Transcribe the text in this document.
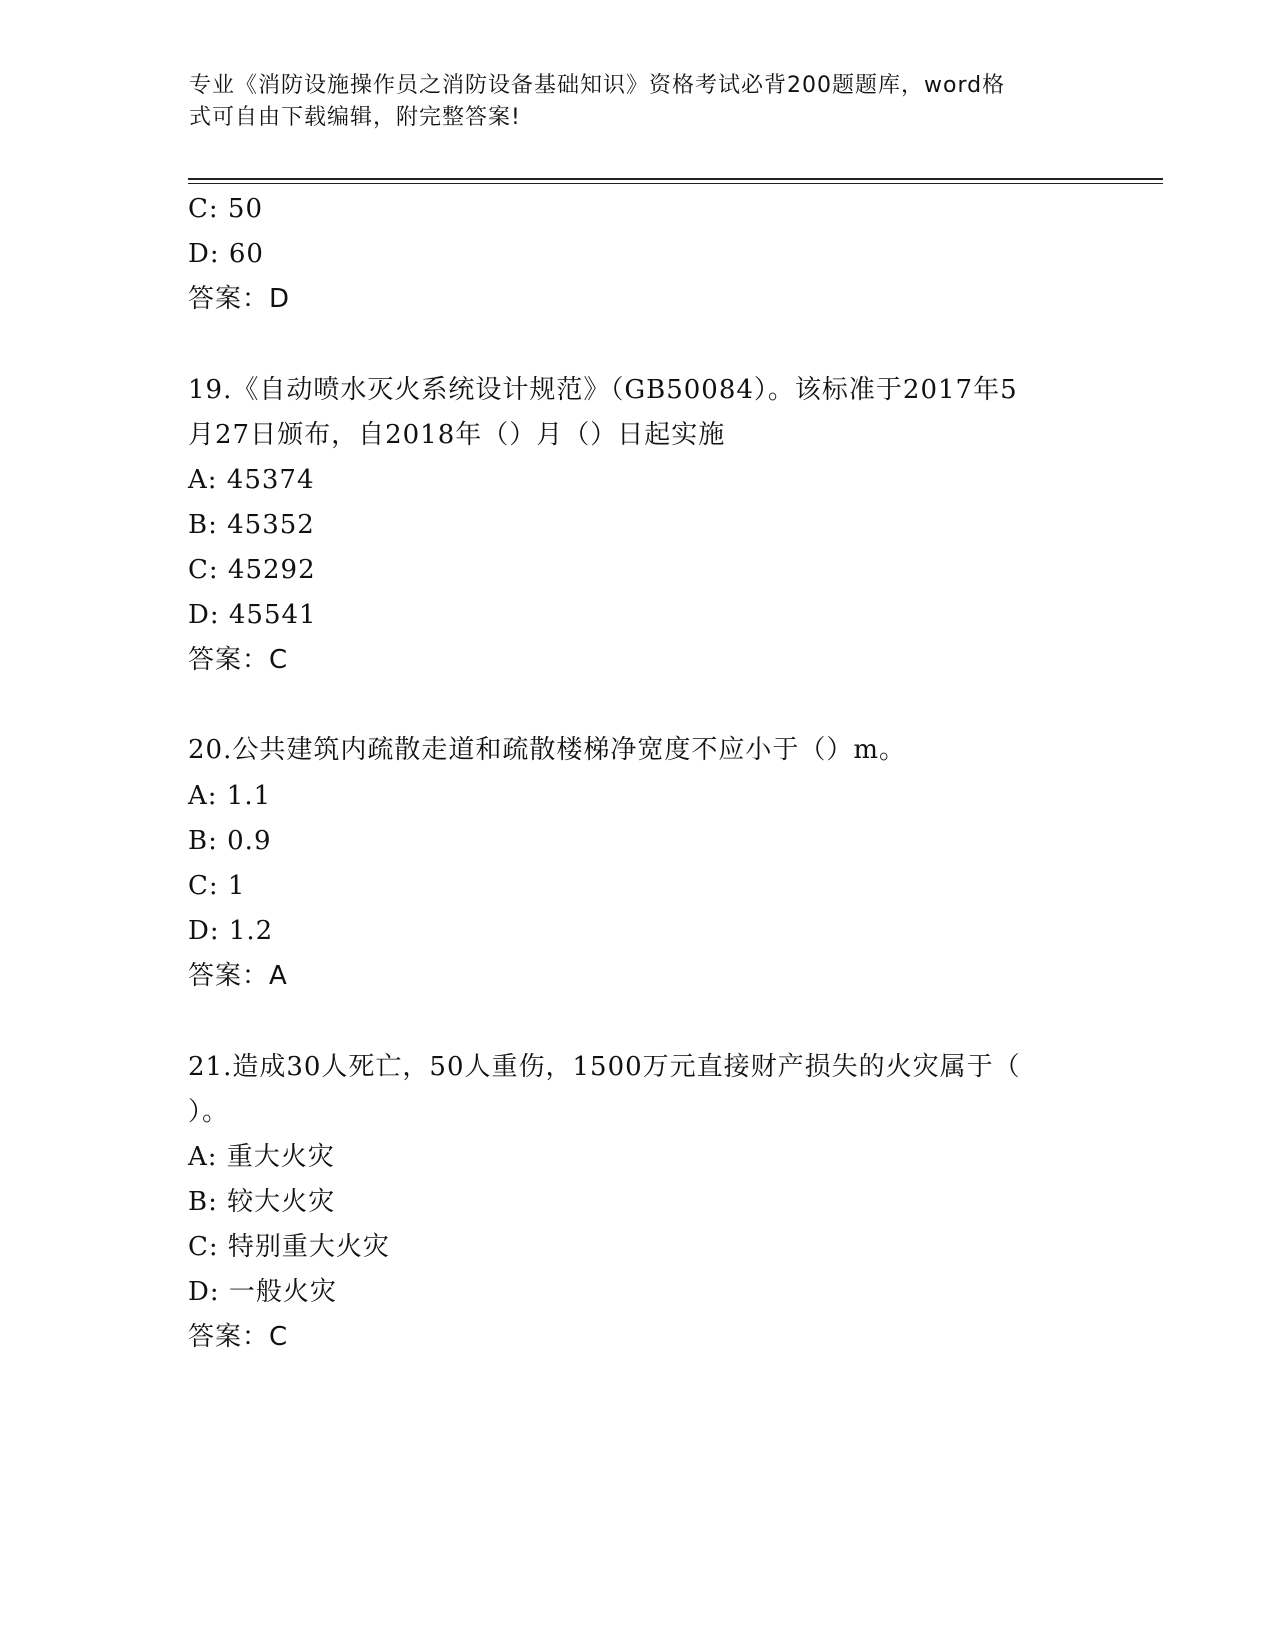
专业《消防设施操作员之消防设备基础知识》资格考试必背200题题库，word格
式可自由下载编辑，附完整答案!
C: 50
D: 60
答案：D
19.《自动喷水灭火系统设计规范》（GB50084）。该标准于2017年5
月27日颁布，自2018年（）月（）日起实施
A: 45374
B: 45352
C: 45292
D: 45541
答案：C
20.公共建筑内疏散走道和疏散楼梯净宽度不应小于（）m。
A: 1.1
B: 0.9
C: 1
D: 1.2
答案：A
21.造成30人死亡，50人重伤，1500万元直接财产损失的火灾属于（
）。
A: 重大火灾
B: 较大火灾
C: 特别重大火灾
D: 一般火灾
答案：C
